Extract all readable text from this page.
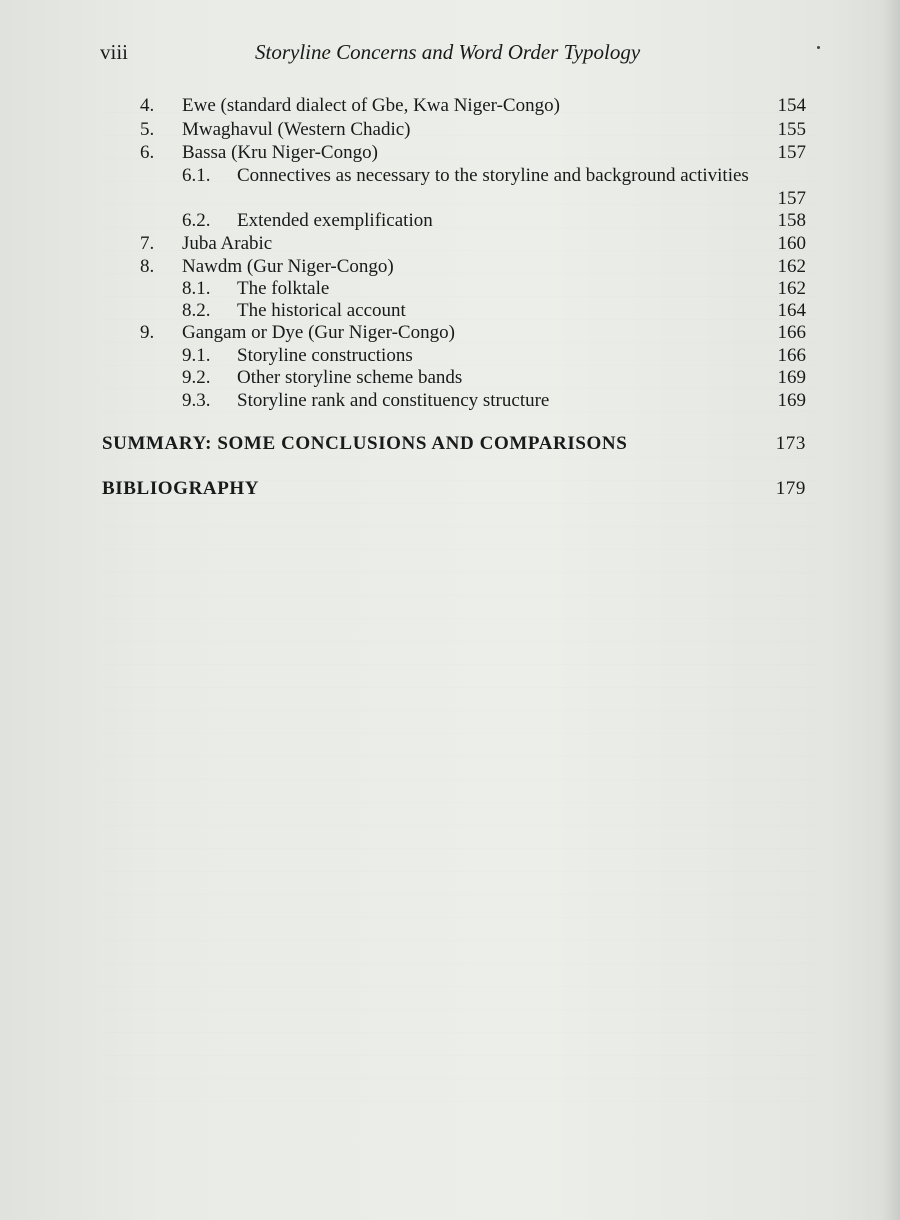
viii	Storyline Concerns and Word Order Typology
4. Ewe (standard dialect of Gbe, Kwa Niger-Congo)	154
5. Mwaghavul (Western Chadic)	155
6. Bassa (Kru Niger-Congo)	157
6.1. Connectives as necessary to the storyline and background activities
157
6.2. Extended exemplification	158
7. Juba Arabic	160
8. Nawdm (Gur Niger-Congo)	162
8.1. The folktale	162
8.2. The historical account	164
9. Gangam or Dye (Gur Niger-Congo)	166
9.1. Storyline constructions	166
9.2. Other storyline scheme bands	169
9.3. Storyline rank and constituency structure	169
SUMMARY: SOME CONCLUSIONS AND COMPARISONS	173
BIBLIOGRAPHY	179
